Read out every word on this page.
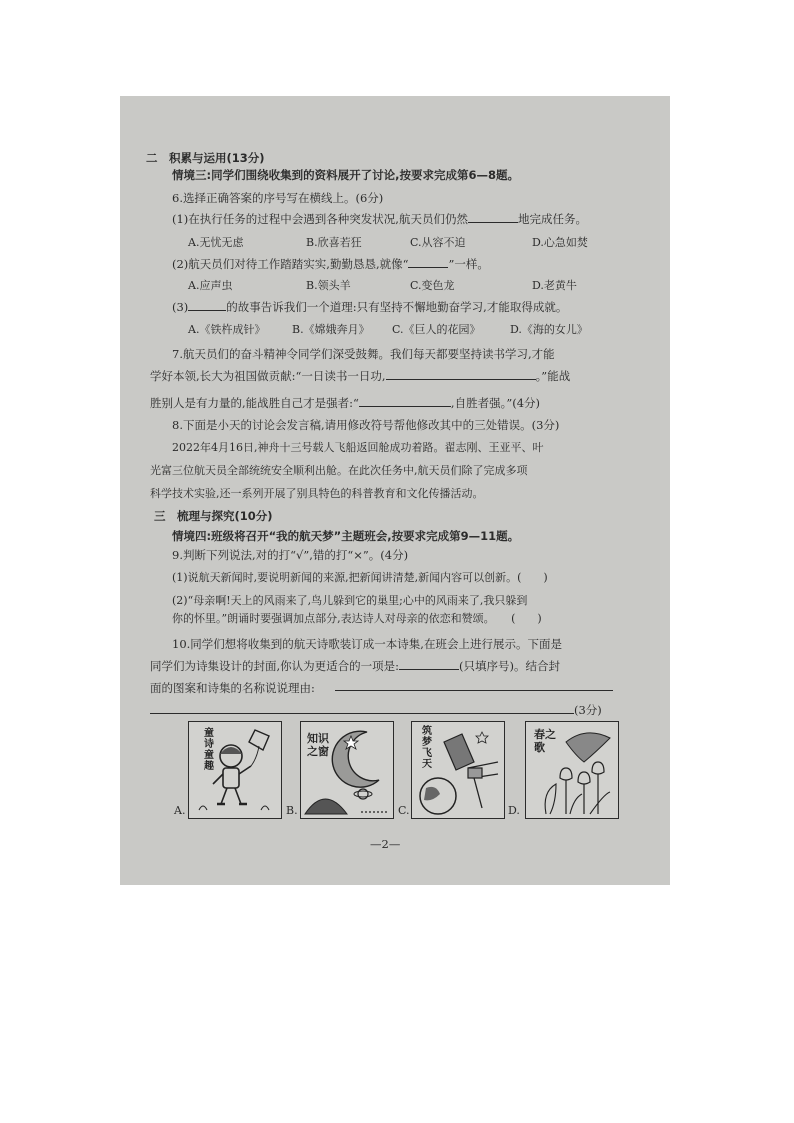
二　积累与运用(13分)
情境三:同学们围绕收集到的资料展开了讨论,按要求完成第6—8题。
6.选择正确答案的序号写在横线上。(6分)
(1)在执行任务的过程中会遇到各种突发状况,航天员们仍然	地完成任务。
A.无忧无虑	B.欣喜若狂	C.从容不迫	D.心急如焚
(2)航天员们对待工作踏踏实实,勤勤恳恳,就像“	”一样。
A.应声虫	B.领头羊	C.变色龙	D.老黄牛
(3)	的故事告诉我们一个道理:只有坚持不懈地勤奋学习,才能取得成就。
A.《铁杵成针》 B.《嫦娥奔月》 C.《巨人的花园》	D.《海的女儿》
7.航天员们的奋斗精神令同学们深受鼓舞。我们每天都要坚持读书学习,才能
学好本领,长大为祖国做贡献:“一日读书一日功,	。”能战
胜别人是有力量的,能战胜自己才是强者:“	,自胜者强。”(4分)
8.下面是小天的讨论会发言稿,请用修改符号帮他修改其中的三处错误。(3分)
2022年4月16日,神舟十三号载人飞船返回舱成功着路。翟志刚、王亚平、叶
光富三位航天员全部统统安全顺利出舱。在此次任务中,航天员们除了完成多项
科学技术实验,还一系列开展了别具特色的科普教育和文化传播活动。
三　梳理与探究(10分)
情境四:班级将召开“我的航天梦”主题班会,按要求完成第9—11题。
9.判断下列说法,对的打“√”,错的打“×”。(4分)
(1)说航天新闻时,要说明新闻的来源,把新闻讲清楚,新闻内容可以创新。(　　)
(2)“母亲啊!天上的风雨来了,鸟儿躲到它的巢里;心中的风雨来了,我只躲到
你的怀里。”朗诵时要强调加点部分,表达诗人对母亲的依恋和赞颂。　　(　　)
10.同学们想将收集到的航天诗歌装订成一本诗集,在班会上进行展示。下面是
同学们为诗集设计的封面,你认为更适合的一项是:	(只填序号)。结合封
面的图案和诗集的名称说说理由:
(3分)
A.
童诗童趣
B.
知识之窗
C.
筑梦飞天
D.
春之歌
—2—
